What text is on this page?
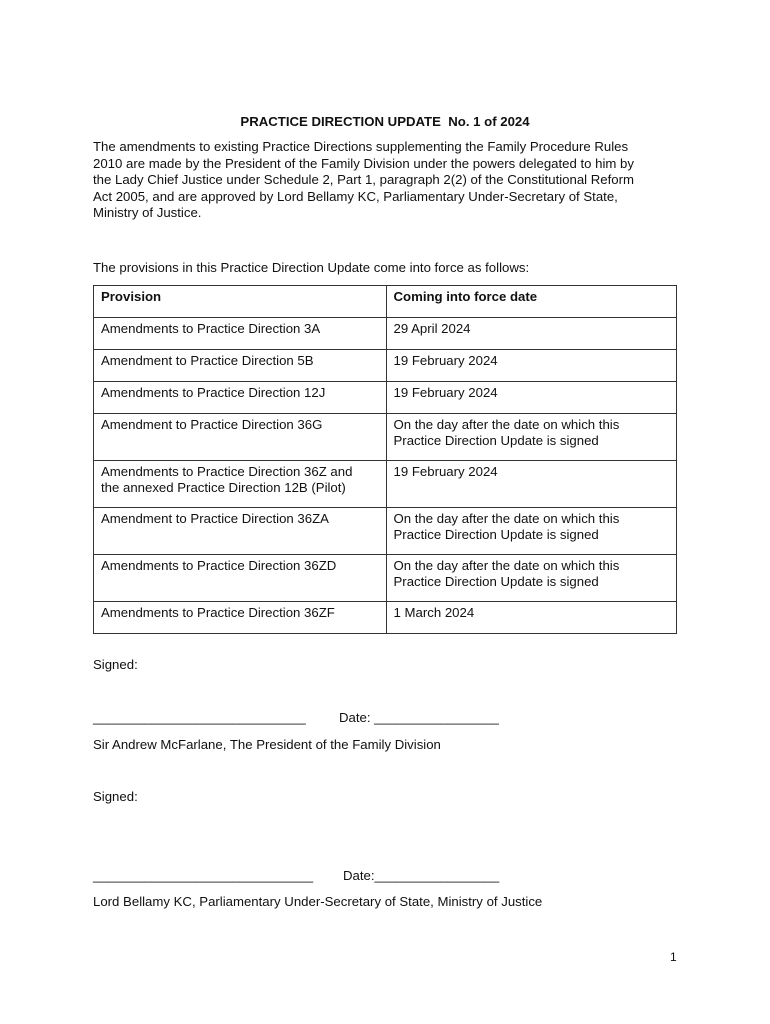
PRACTICE DIRECTION UPDATE  No. 1 of 2024
The amendments to existing Practice Directions supplementing the Family Procedure Rules
2010 are made by the President of the Family Division under the powers delegated to him by
the Lady Chief Justice under Schedule 2, Part 1, paragraph 2(2) of the Constitutional Reform
Act 2005, and are approved by Lord Bellamy KC, Parliamentary Under-Secretary of State,
Ministry of Justice.
The provisions in this Practice Direction Update come into force as follows:
Provision	Coming into force date

Amendments to Practice Direction 3A	29 April 2024

Amendment to Practice Direction 5B	19 February 2024

Amendments to Practice Direction 12J	19 February 2024

Amendment to Practice Direction 36G	On the day after the date on which this
Practice Direction Update is signed

Amendments to Practice Direction 36Z and
the annexed Practice Direction 12B (Pilot)	19 February 2024

Amendment to Practice Direction 36ZA	On the day after the date on which this
Practice Direction Update is signed

Amendments to Practice Direction 36ZD	On the day after the date on which this
Practice Direction Update is signed

Amendments to Practice Direction 36ZF	1 March 2024
Signed:
_____________________________	Date: _________________
Sir Andrew McFarlane, The President of the Family Division
Signed:
______________________________ Date:_________________
Lord Bellamy KC, Parliamentary Under-Secretary of State, Ministry of Justice
1
